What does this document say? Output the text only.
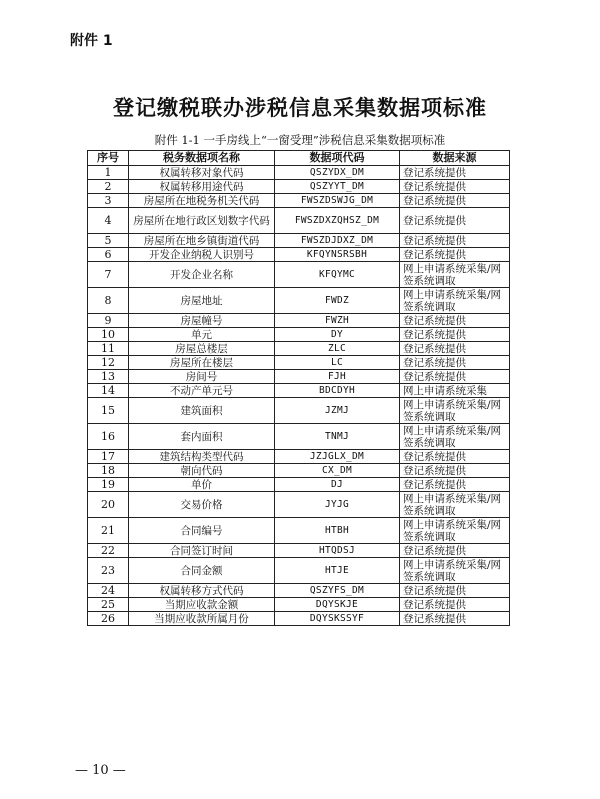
附件 1
登记缴税联办涉税信息采集数据项标准
附件 1-1 一手房线上“一窗受理”涉税信息采集数据项标准
序号	税务数据项名称	数据项代码	数据来源
1	权属转移对象代码	QSZYDX_DM	登记系统提供
2	权属转移用途代码	QSZYYT_DM	登记系统提供
3	房屋所在地税务机关代码	FWSZDSWJG_DM	登记系统提供
4	房屋所在地行政区划数字代码	FWSZDXZQHSZ_DM	登记系统提供
5	房屋所在地乡镇街道代码	FWSZDJDXZ_DM	登记系统提供
6	开发企业纳税人识别号	KFQYNSRSBH	登记系统提供
7	开发企业名称	KFQYMC	网上申请系统采集/网签系统调取
8	房屋地址	FWDZ	网上申请系统采集/网签系统调取
9	房屋幢号	FWZH	登记系统提供
10	单元	DY	登记系统提供
11	房屋总楼层	ZLC	登记系统提供
12	房屋所在楼层	LC	登记系统提供
13	房间号	FJH	登记系统提供
14	不动产单元号	BDCDYH	网上申请系统采集
15	建筑面积	JZMJ	网上申请系统采集/网签系统调取
16	套内面积	TNMJ	网上申请系统采集/网签系统调取
17	建筑结构类型代码	JZJGLX_DM	登记系统提供
18	朝向代码	CX_DM	登记系统提供
19	单价	DJ	登记系统提供
20	交易价格	JYJG	网上申请系统采集/网签系统调取
21	合同编号	HTBH	网上申请系统采集/网签系统调取
22	合同签订时间	HTQDSJ	登记系统提供
23	合同金额	HTJE	网上申请系统采集/网签系统调取
24	权属转移方式代码	QSZYFS_DM	登记系统提供
25	当期应收款金额	DQYSKJE	登记系统提供
26	当期应收款所属月份	DQYSKSSYF	登记系统提供
— 10 —
